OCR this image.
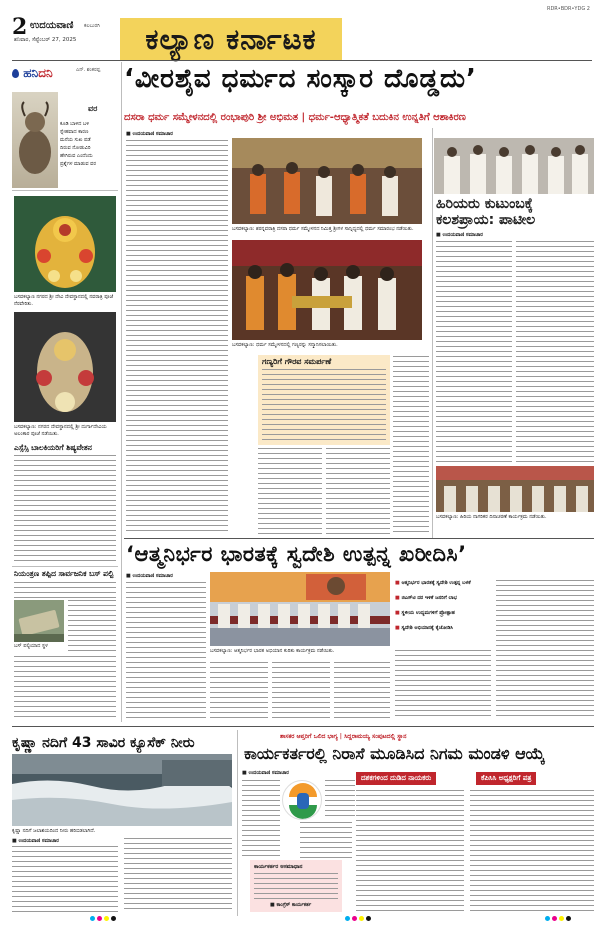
2 ಉದಯವಾಣಿ ಕಲಬುರಗಿ
ಶನಿವಾರ, ಸೆಪ್ಟೆಂಬರ್ 27, 2025 ಕಲ್ಯಾಣ ಕರ್ನಾಟಕ
RDR•BDR•YDG 2
ಹನಿದನಿ	ಎನ್. ಶಂಕರಪ್ಪ
ವರ
ಕೂಡಿ ಬಾಳಿದ ಬಳಿ
ಸ್ನೇಹವಾದ ಕಾರಣ
ಮನೆಯ ಸುಖ ಪಡೆ
ದಿರುವ ನೋಡುವಿರಿ
ಹೇಗಿರುವ ಎಂದೆಂದು
ಪ್ರಶ್ನೆಗಳ ಮಾಡುವ ವರ
‘ವೀರಶೈವ ಧರ್ಮದ ಸಂಸ್ಕಾರ ದೊಡ್ಡದು’
ದಸರಾ ಧರ್ಮ ಸಮ್ಮೇಳನದಲ್ಲಿ ರಂಭಾಪುರಿ ಶ್ರೀ ಅಭಿಮತ | ಧರ್ಮ-ಆಧ್ಯಾತ್ಮಿಕತೆ ಬದುಕಿನ ಉನ್ನತಿಗೆ ಆಶಾಕಿರಣ
ಬಸವಕಲ್ಯಾಣ ನಗರದ ಶ್ರೀ ದೇವಿ ದೇವಸ್ಥಾನದಲ್ಲಿ ನವರಾತ್ರಿ ಪೂಜೆ ನೆರವೇರಿತು.
ಬಸವಕಲ್ಯಾಣ: ನಗರದ ದೇವಸ್ಥಾನದಲ್ಲಿ ಶ್ರೀ ದುರ್ಗಾದೇವಿಯ ಅಲಂಕಾರ ಪೂಜೆ ನಡೆಯಿತು.
ಎಸ್ಸೆಸ್ಸಿ ಬಾಲಕಿಯರಿಗೆ ಶಿಷ್ಯವೇತನ
ನಿಯಂತ್ರಣ ತಪ್ಪಿದ ಸಾರ್ವಜನಿಕ ಬಸ್ ಪಲ್ಟಿ
ಬಸ್ ಪಲ್ಟಿಯಾದ ಸ್ಥಳ
■ ಉದಯವಾಣಿ ಸಮಾಚಾರ
ಬಸವಕಲ್ಯಾಣ: ಶರನ್ನವರಾತ್ರಿ ದಸರಾ ಧರ್ಮ ಸಮ್ಮೇಳನದ ನಿಮಿತ್ತ ಶ್ರೀಗಳ ಸಾನ್ನಿಧ್ಯದಲ್ಲಿ ಧರ್ಮ ಸಮಾರಂಭ ನಡೆಯಿತು.
ಬಸವಕಲ್ಯಾಣ: ಧರ್ಮ ಸಮ್ಮೇಳನದಲ್ಲಿ ಗಣ್ಯರನ್ನು ಸನ್ಮಾನಿಸಲಾಯಿತು.
ಗಣ್ಯರಿಗೆ ಗೌರವ ಸಮರ್ಪಣೆ
ಹಿರಿಯರು ಕುಟುಂಬಕ್ಕೆ
ಕಲಶಪ್ರಾಯ: ಪಾಟೀಲ
■ ಉದಯವಾಣಿ ಸಮಾಚಾರ
ಬಸವಕಲ್ಯಾಣ: ಹಿರಿಯ ನಾಗರಿಕರ ದಿನಾಚರಣೆ ಕಾರ್ಯಕ್ರಮ ನಡೆಯಿತು.
‘ಆತ್ಮನಿರ್ಭರ ಭಾರತಕ್ಕೆ ಸ್ವದೇಶಿ ಉತ್ಪನ್ನ ಖರೀದಿಸಿ’
■ ಉದಯವಾಣಿ ಸಮಾಚಾರ
ಬಸವಕಲ್ಯಾಣ: ಆತ್ಮನಿರ್ಭರ ಭಾರತ ಅಭಿಯಾನ ಕುರಿತು ಕಾರ್ಯಕ್ರಮ ನಡೆಯಿತು.
■ ಆತ್ಮನಿರ್ಭರ ಭಾರತಕ್ಕೆ ಸ್ವದೇಶಿ ಉತ್ಪನ್ನ ಬಳಕೆ
■ ಜಿಎಸ್‌ಟಿ ದರ ಇಳಿಕೆ ಜನರಿಗೆ ಲಾಭ
■ ಸ್ಥಳೀಯ ಉದ್ಯಮಗಳಿಗೆ ಪ್ರೋತ್ಸಾಹ
■ ಸ್ವದೇಶಿ ಅಭಿಯಾನಕ್ಕೆ ಕೈಜೋಡಿಸಿ
ಕೃಷ್ಣಾ ನದಿಗೆ 43 ಸಾವಿರ ಕ್ಯೂಸೆಕ್ ನೀರು
ಕೃಷ್ಣಾ ನದಿಗೆ ಜಲಾಶಯದಿಂದ ನೀರು ಹರಿಬಿಡಲಾಗಿದೆ.
■ ಉದಯವಾಣಿ ಸಮಾಚಾರ
ಶಾಸಕರ ಆಪ್ತರಿಗೆ ಒಲಿದ ಭಾಗ್ಯ | ಸಿದ್ದರಾಮಯ್ಯ ಸಂಪುಟದಲ್ಲಿ ಸ್ಥಾನ
ಕಾರ್ಯಕರ್ತರಲ್ಲಿ ನಿರಾಸೆ ಮೂಡಿಸಿದ ನಿಗಮ ಮಂಡಳಿ ಆಯ್ಕೆ
■ ಉದಯವಾಣಿ ಸಮಾಚಾರ
ದಶಕಗಳಿಂದ ದುಡಿದ ನಾಯಕರು	ಕೆಪಿಸಿಸಿ ಅಧ್ಯಕ್ಷರಿಗೆ ಪತ್ರ
ಕಾರ್ಯಕರ್ತರ ಅಸಮಾಧಾನ
■ ಕಾಂಗ್ರೆಸ್ ಕಾರ್ಯಕರ್ತ
